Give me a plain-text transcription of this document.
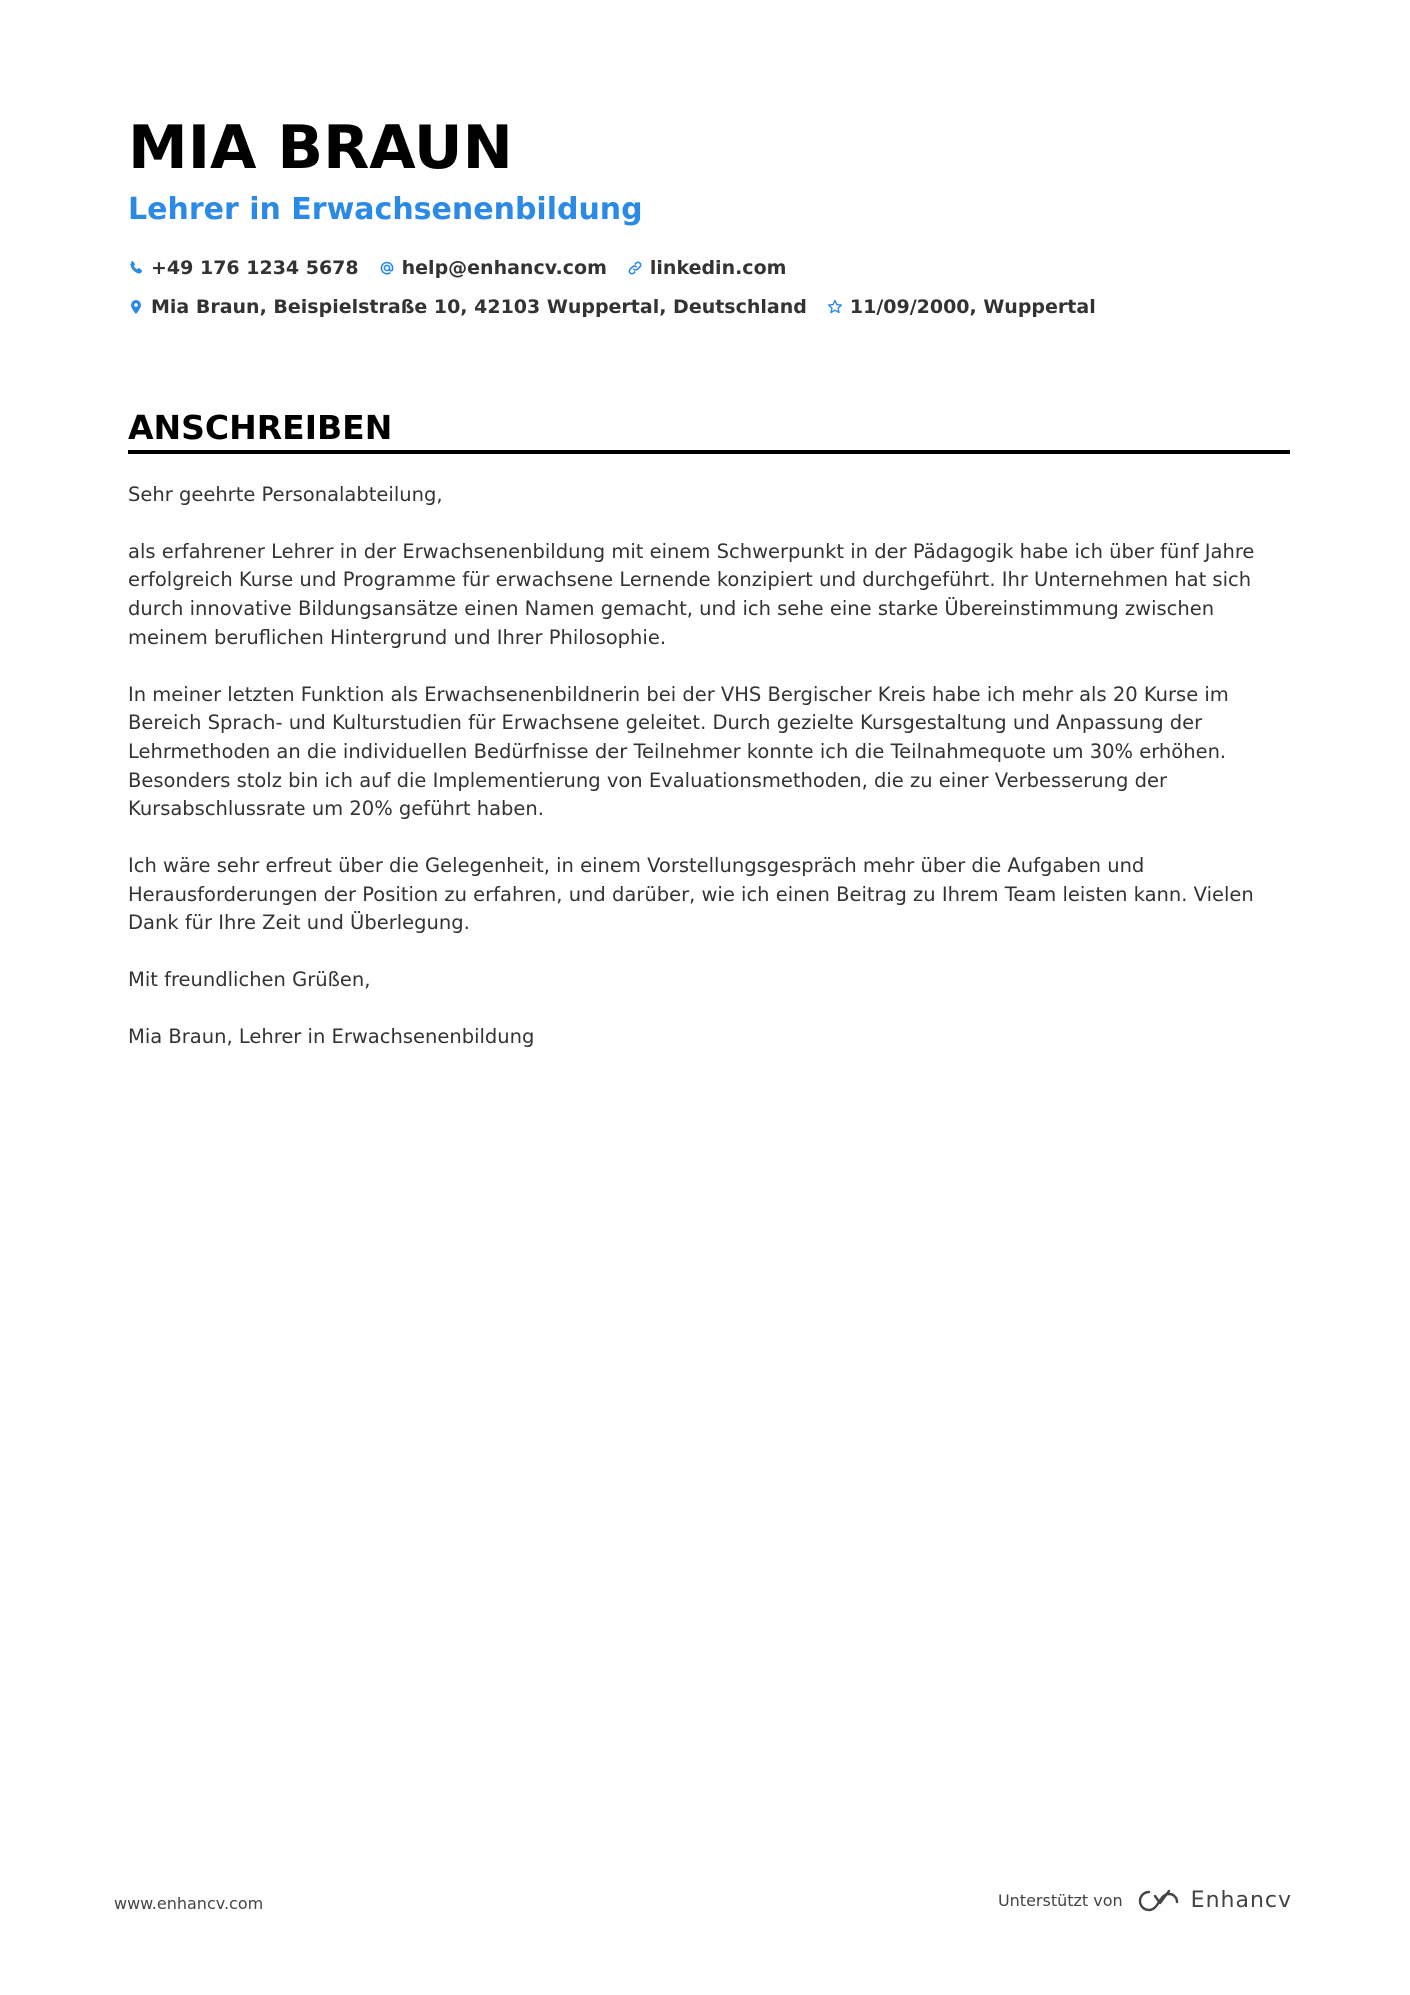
MIA BRAUN
Lehrer in Erwachsenenbildung
+49 176 1234 5678 help@enhancv.com linkedin.com
Mia Braun, Beispielstraße 10, 42103 Wuppertal, Deutschland 11/09/2000, Wuppertal
ANSCHREIBEN

Sehr geehrte Personalabteilung,

als erfahrener Lehrer in der Erwachsenenbildung mit einem Schwerpunkt in der Pädagogik habe ich über fünf Jahre erfolgreich Kurse und Programme für erwachsene Lernende konzipiert und durchgeführt. Ihr Unternehmen hat sich durch innovative Bildungsansätze einen Namen gemacht, und ich sehe eine starke Übereinstimmung zwischen meinem beruflichen Hintergrund und Ihrer Philosophie.

In meiner letzten Funktion als Erwachsenenbildnerin bei der VHS Bergischer Kreis habe ich mehr als 20 Kurse im Bereich Sprach- und Kulturstudien für Erwachsene geleitet. Durch gezielte Kursgestaltung und Anpassung der Lehrmethoden an die individuellen Bedürfnisse der Teilnehmer konnte ich die Teilnahmequote um 30% erhöhen. Besonders stolz bin ich auf die Implementierung von Evaluationsmethoden, die zu einer Verbesserung der Kursabschlussrate um 20% geführt haben.

Ich wäre sehr erfreut über die Gelegenheit, in einem Vorstellungsgespräch mehr über die Aufgaben und Herausforderungen der Position zu erfahren, und darüber, wie ich einen Beitrag zu Ihrem Team leisten kann. Vielen Dank für Ihre Zeit und Überlegung.

Mit freundlichen Grüßen,

Mia Braun, Lehrer in Erwachsenenbildung

www.enhancv.com	Unterstützt von	Enhancv
